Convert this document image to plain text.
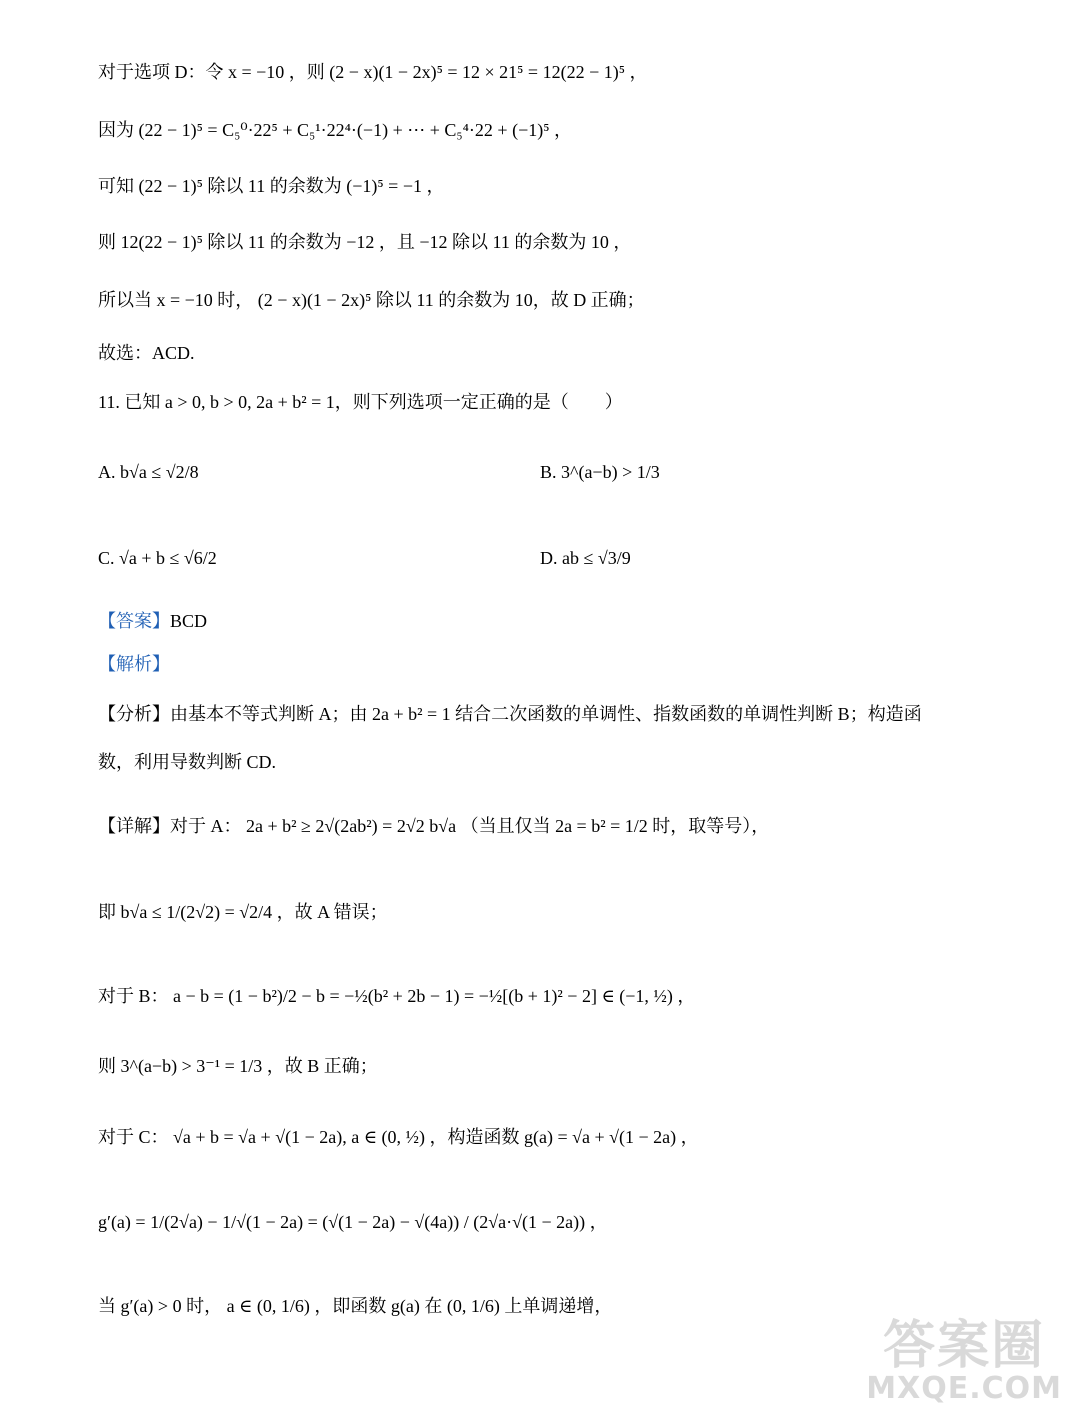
对于选项 D：令 x = −10 ，则 (2 − x)(1 − 2x)⁵ = 12 × 21⁵ = 12(22 − 1)⁵ ，
因为 (22 − 1)⁵ = C₅⁰·22⁵ + C₅¹·22⁴·(−1) + ⋯ + C₅⁴·22 + (−1)⁵ ，
可知 (22 − 1)⁵ 除以 11 的余数为 (−1)⁵ = −1 ，
则 12(22 − 1)⁵ 除以 11 的余数为 −12 ，且 −12 除以 11 的余数为 10 ，
所以当 x = −10 时， (2 − x)(1 − 2x)⁵ 除以 11 的余数为 10，故 D 正确；
故选：ACD.
11. 已知 a > 0, b > 0, 2a + b² = 1，则下列选项一定正确的是（　　）
A. b√a ≤ √2/8	B. 3^(a−b) > 1/3
C. √a + b ≤ √6/2	D. ab ≤ √3/9
【答案】BCD
【解析】
【分析】由基本不等式判断 A；由 2a + b² = 1 结合二次函数的单调性、指数函数的单调性判断 B；构造函
数，利用导数判断 CD.
【详解】对于 A： 2a + b² ≥ 2√(2ab²) = 2√2 b√a （当且仅当 2a = b² = 1/2 时，取等号），
即 b√a ≤ 1/(2√2) = √2/4 ，故 A 错误；
对于 B： a − b = (1 − b²)/2 − b = −½(b² + 2b − 1) = −½[(b + 1)² − 2] ∈ (−1, ½) ，
则 3^(a−b) > 3⁻¹ = 1/3 ，故 B 正确；
对于 C： √a + b = √a + √(1 − 2a), a ∈ (0, ½) ，构造函数 g(a) = √a + √(1 − 2a) ，
g′(a) = 1/(2√a) − 1/√(1 − 2a) = (√(1 − 2a) − √(4a)) / (2√a·√(1 − 2a)) ，
当 g′(a) > 0 时， a ∈ (0, 1/6) ，即函数 g(a) 在 (0, 1/6) 上单调递增，
答案圈
MXQE.COM
